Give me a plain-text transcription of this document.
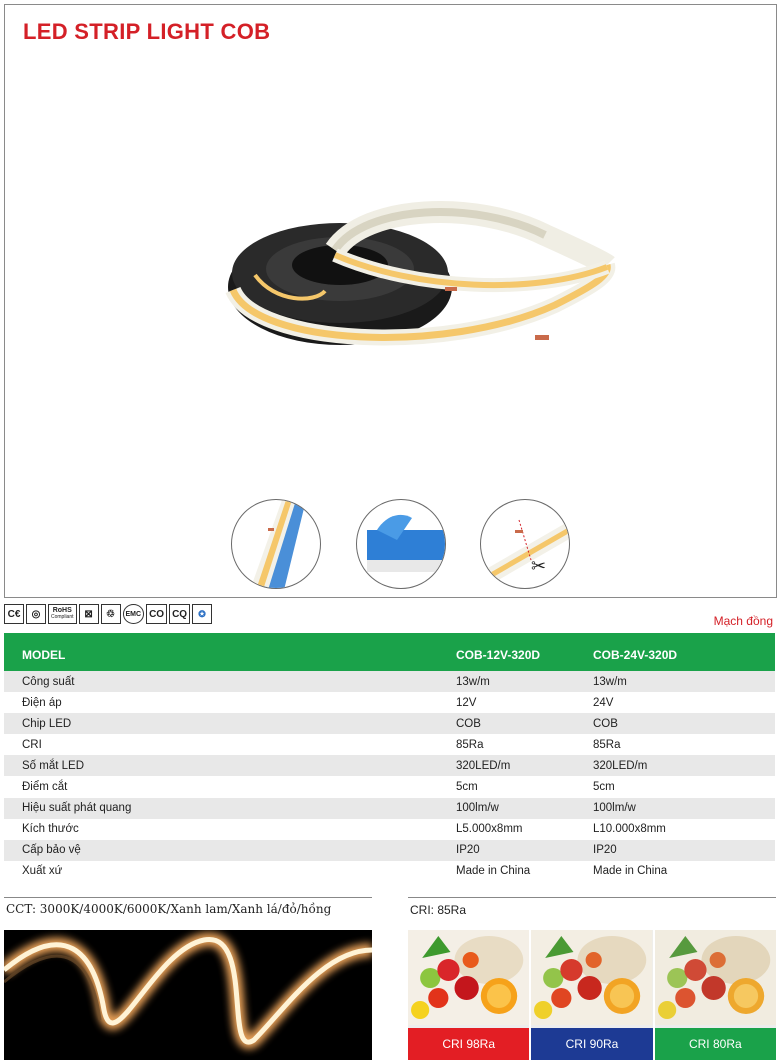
LED STRIP LIGHT COB
✂
C€	◎	RoHS
Compliant	⊠	♲	EMC CO CQ	✪
Mạch đồng
MODEL	COB-12V-320D	COB-24V-320D
Công suất	13w/m	13w/m
Điện áp	12V	24V
Chip LED	COB	COB
CRI	85Ra	85Ra
Số mắt LED	320LED/m	320LED/m
Điểm cắt	5cm	5cm
Hiệu suất phát quang	100lm/w	100lm/w
Kích thước	L5.000x8mm	L10.000x8mm
Cấp bảo vệ	IP20	IP20
Xuất xứ	Made in China	Made in China
CCT: 3000K/4000K/6000K/Xanh lam/Xanh lá/đỏ/hồng	CRI: 85Ra
CRI 98Ra	CRI 90Ra	CRI 80Ra
